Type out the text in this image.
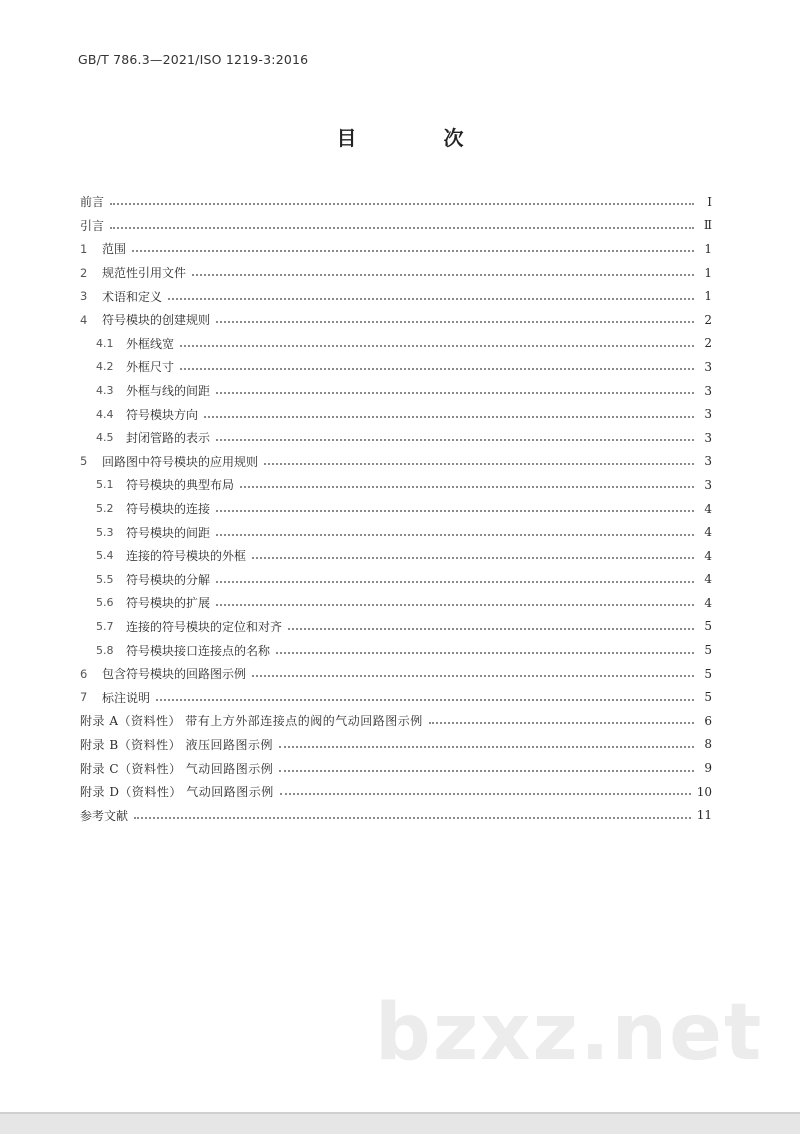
GB/T 786.3—2021/ISO 1219-3:2016
目 次
前言	Ⅰ
引言	Ⅱ
1	范围	1
2	规范性引用文件	1
3	术语和定义	1
4	符号模块的创建规则	2
4.1	外框线宽	2
4.2	外框尺寸	3
4.3	外框与线的间距	3
4.4	符号模块方向	3
4.5	封闭管路的表示	3
5	回路图中符号模块的应用规则	3
5.1	符号模块的典型布局	3
5.2	符号模块的连接	4
5.3	符号模块的间距	4
5.4	连接的符号模块的外框	4
5.5	符号模块的分解	4
5.6	符号模块的扩展	4
5.7	连接的符号模块的定位和对齐	5
5.8	符号模块接口连接点的名称	5
6	包含符号模块的回路图示例	5
7	标注说明	5
附录 A（资料性） 带有上方外部连接点的阀的气动回路图示例	6
附录 B（资料性） 液压回路图示例	8
附录 C（资料性） 气动回路图示例	9
附录 D（资料性） 气动回路图示例	10
参考文献	11
bzxz.net
